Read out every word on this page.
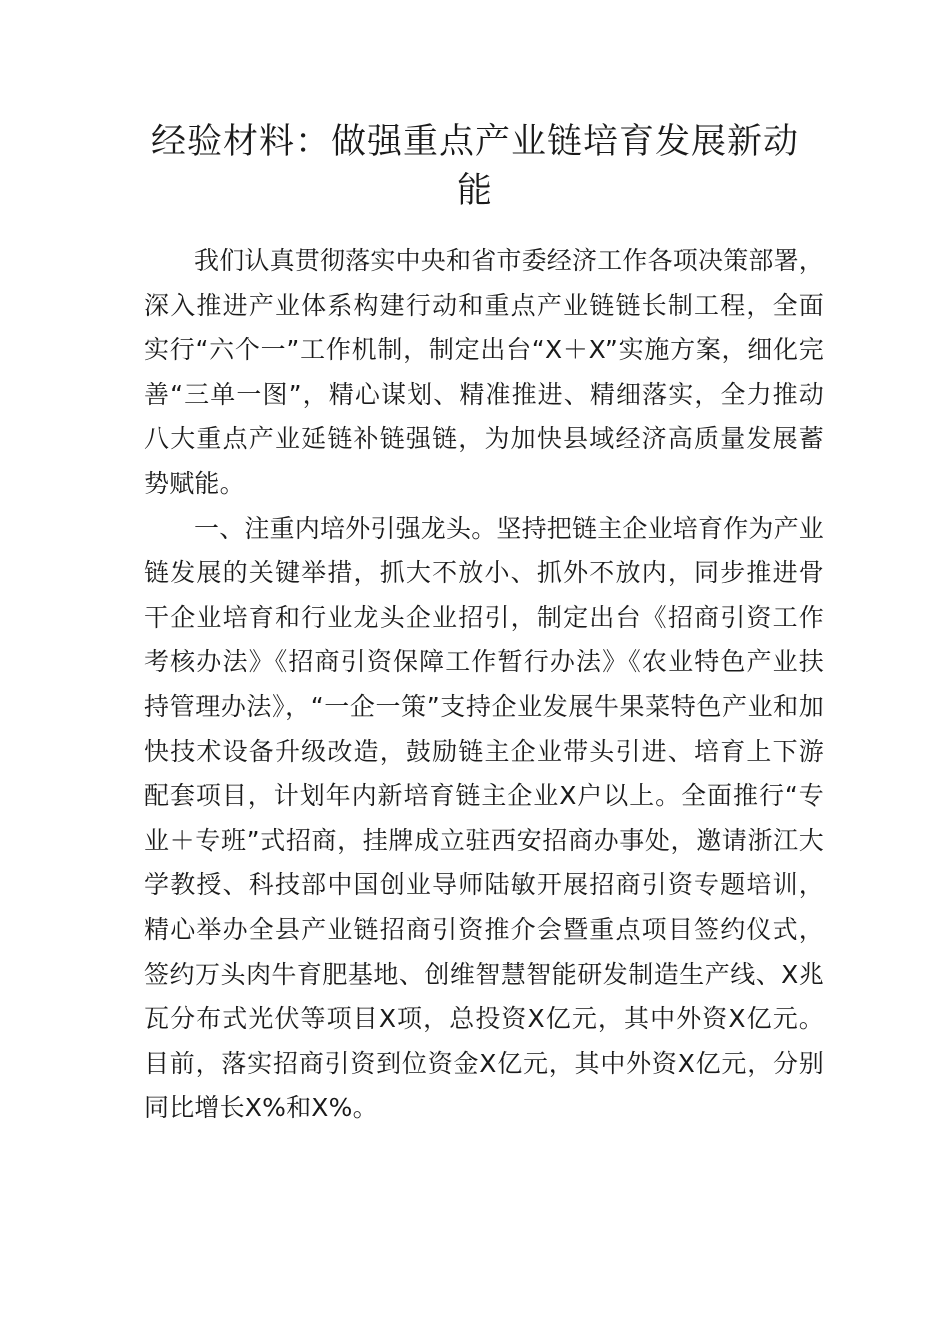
经验材料：做强重点产业链培育发展新动能

我们认真贯彻落实中央和省市委经济工作各项决策部署，深入推进产业体系构建行动和重点产业链链长制工程，全面实行“六个一”工作机制，制定出台“X＋X”实施方案，细化完善“三单一图”，精心谋划、精准推进、精细落实，全力推动八大重点产业延链补链强链，为加快县域经济高质量发展蓄势赋能。

一、注重内培外引强龙头。坚持把链主企业培育作为产业链发展的关键举措，抓大不放小、抓外不放内，同步推进骨干企业培育和行业龙头企业招引，制定出台《招商引资工作考核办法》《招商引资保障工作暂行办法》《农业特色产业扶持管理办法》，“一企一策”支持企业发展牛果菜特色产业和加快技术设备升级改造，鼓励链主企业带头引进、培育上下游配套项目，计划年内新培育链主企业X户以上。全面推行“专业＋专班”式招商，挂牌成立驻西安招商办事处，邀请浙江大学教授、科技部中国创业导师陆敏开展招商引资专题培训，精心举办全县产业链招商引资推介会暨重点项目签约仪式，签约万头肉牛育肥基地、创维智慧智能研发制造生产线、X兆瓦分布式光伏等项目X项，总投资X亿元，其中外资X亿元。目前，落实招商引资到位资金X亿元，其中外资X亿元，分别同比增长X%和X%。
